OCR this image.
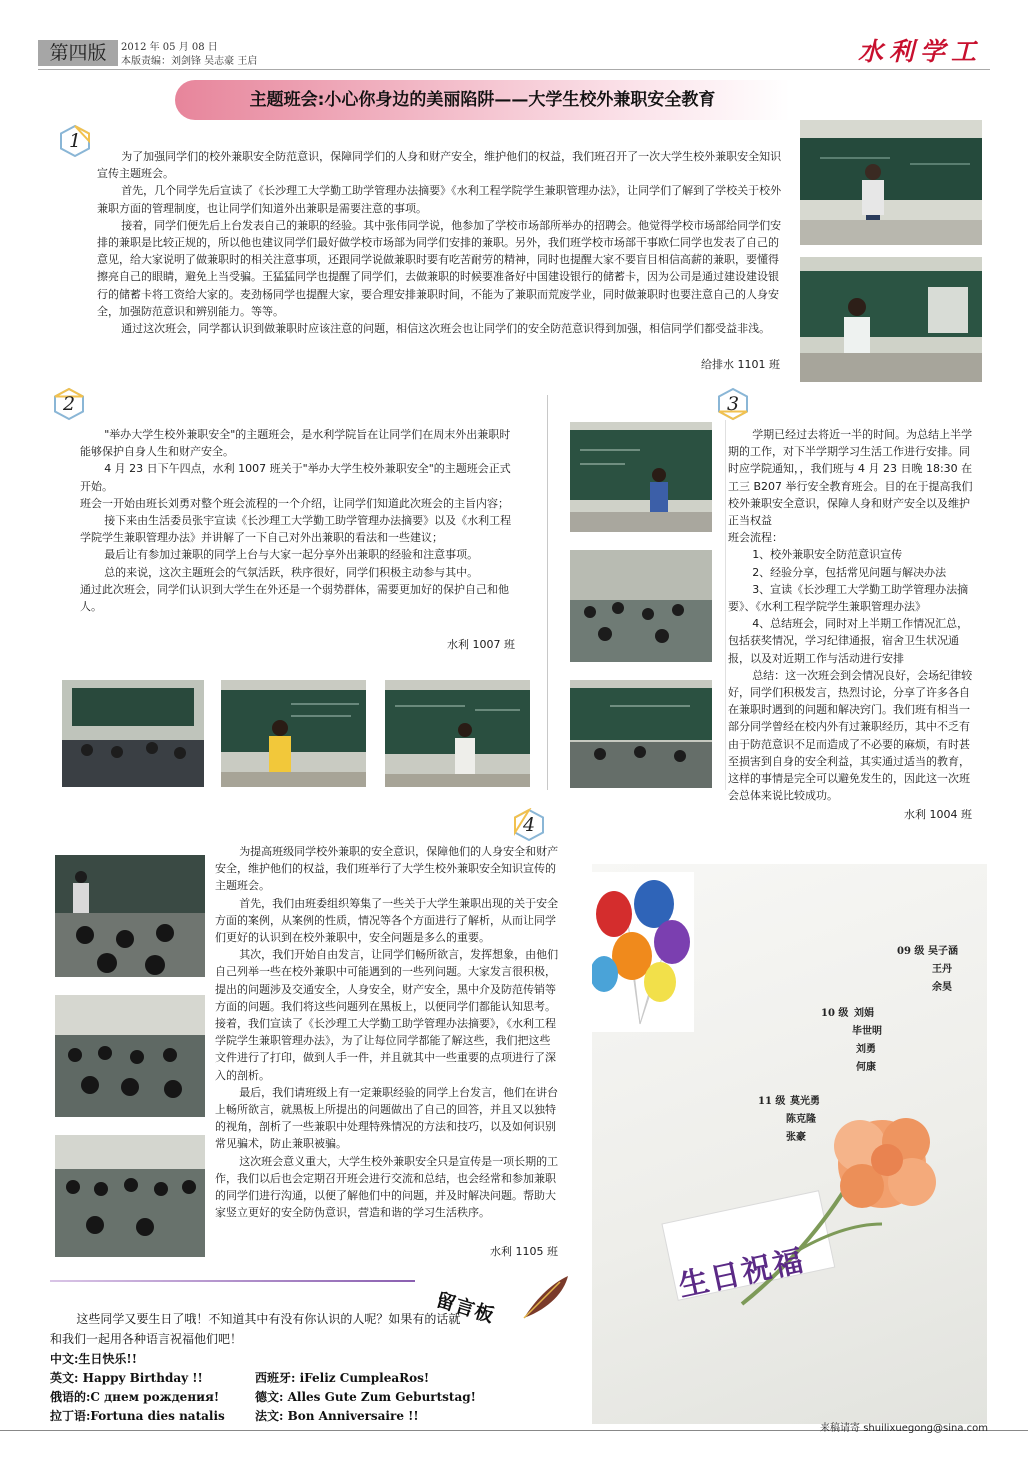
第四版	2012 年 05 月 08 日
本版责编：刘剑锋 吴志豪 王启	水利学工
主题班会:小心你身边的美丽陷阱——大学生校外兼职安全教育
1

为了加强同学们的校外兼职安全防范意识，保障同学们的人身和财产安全，维护他们的权益，我们班召开了一次大学生校外兼职安全知识宣传主题班会。

首先，几个同学先后宣读了《长沙理工大学勤工助学管理办法摘要》《水利工程学院学生兼职管理办法》，让同学们了解到了学校关于校外兼职方面的管理制度，也让同学们知道外出兼职是需要注意的事项。

接着，同学们便先后上台发表自己的兼职的经验。其中张伟同学说，他参加了学校市场部所举办的招聘会。他觉得学校市场部给同学们安排的兼职是比较正规的，所以他也建议同学们最好做学校市场部为同学们安排的兼职。另外，我们班学校市场部干事欧仁同学也发表了自己的意见，给大家说明了做兼职时的相关注意事项，还跟同学说做兼职时要有吃苦耐劳的精神，同时也提醒大家不要盲目相信高薪的兼职，要懂得擦亮自己的眼睛，避免上当受骗。王猛猛同学也提醒了同学们，去做兼职的时候要准备好中国建设银行的储蓄卡，因为公司是通过建设建设银行的储蓄卡将工资给大家的。麦劲杨同学也提醒大家，要合理安排兼职时间，不能为了兼职而荒废学业，同时做兼职时也要注意自己的人身安全，加强防范意识和辨别能力。等等。

通过这次班会，同学都认识到做兼职时应该注意的问题，相信这次班会也让同学们的安全防范意识得到加强，相信同学们都受益非浅。

给排水 1101 班
2

"举办大学生校外兼职安全"的主题班会，是水利学院旨在让同学们在周末外出兼职时能够保护自身人生和财产安全。

4 月 23 日下午四点，水利 1007 班关于"举办大学生校外兼职安全"的主题班会正式开始。

班会一开始由班长刘勇对整个班会流程的一个介绍，让同学们知道此次班会的主旨内容；

接下来由生活委员张宇宣读《长沙理工大学勤工助学管理办法摘要》以及《水利工程学院学生兼职管理办法》并讲解了一下自己对外出兼职的看法和一些建议；

最后让有参加过兼职的同学上台与大家一起分享外出兼职的经验和注意事项。

总的来说，这次主题班会的气氛活跃，秩序很好，同学们积极主动参与其中。

通过此次班会，同学们认识到大学生在外还是一个弱势群体，需要更加好的保护自己和他人。

水利 1007 班
3

学期已经过去将近一半的时间。为总结上半学期的工作，对下半学期学习生活工作进行安排。同时应学院通知，，我们班与 4 月 23 日晚 18:30 在工三 B207 举行安全教育班会。目的在于提高我们校外兼职安全意识，保障人身和财产安全以及维护正当权益

班会流程：

1、校外兼职安全防范意识宣传

2、经验分享，包括常见问题与解决办法

3、宣读《长沙理工大学勤工助学管理办法摘要》、《水利工程学院学生兼职管理办法》

4、总结班会，同时对上半期工作情况汇总，包括获奖情况，学习纪律通报，宿舍卫生状况通报，以及对近期工作与活动进行安排

总结：这一次班会到会情况良好，会场纪律较好，同学们积极发言，热烈讨论，分享了许多各自在兼职时遇到的问题和解决窍门。我们班有相当一部分同学曾经在校内外有过兼职经历，其中不乏有由于防范意识不足而造成了不必要的麻烦，有时甚至损害到自身的安全利益，其实通过适当的教育，这样的事情是完全可以避免发生的，因此这一次班会总体来说比较成功。

水利 1004 班
4

为提高班级同学校外兼职的安全意识，保障他们的人身安全和财产安全，维护他们的权益，我们班举行了大学生校外兼职安全知识宣传的主题班会。

首先，我们由班委组织筹集了一些关于大学生兼职出现的关于安全方面的案例，从案例的性质，情况等各个方面进行了解析，从而让同学们更好的认识到在校外兼职中，安全问题是多么的重要。

其次，我们开始自由发言，让同学们畅所欲言，发挥想象，由他们自己列举一些在校外兼职中可能遇到的一些列问题。大家发言很积极，提出的问题涉及交通安全，人身安全，财产安全，黑中介及防范传销等方面的问题。我们将这些问题列在黑板上，以便同学们都能认知思考。

接着，我们宣读了《长沙理工大学勤工助学管理办法摘要》，《水利工程学院学生兼职管理办法》，为了让每位同学都能了解这些，我们把这些文件进行了打印，做到人手一件，并且就其中一些重要的点项进行了深入的剖析。

最后，我们请班级上有一定兼职经验的同学上台发言，他们在讲台上畅所欲言，就黑板上所提出的问题做出了自己的回答，并且又以独特的视角，剖析了一些兼职中处理特殊情况的方法和技巧，以及如何识别常见骗术，防止兼职被骗。

这次班会意义重大，大学生校外兼职安全只是宣传是一项长期的工作，我们以后也会定期召开班会进行交流和总结，也会经常和参加兼职的同学们进行沟通，以便了解他们中的问题，并及时解决问题。帮助大家竖立更好的安全防伪意识，营造和谐的学习生活秩序。

水利 1105 班	生日祝福
09 级 吴子涵
王丹
余昊
10 级 刘娟
毕世明
刘勇
何康
11 级 莫光勇
陈克隆
张豪
留言板
这些同学又要生日了哦！不知道其中有没有你认识的人呢？如果有的话就和我们一起用各种语言祝福他们吧！
中文:生日快乐!!
英文: Happy Birthday !!	西班牙: iFeliz CumpleaRos!
俄语的:С днем рождения!	德文: Alles Gute Zum Geburtstag!
拉丁语:Fortuna dies natalis	法文: Bon Anniversaire !!
来稿请寄 shuilixuegong@sina.com
